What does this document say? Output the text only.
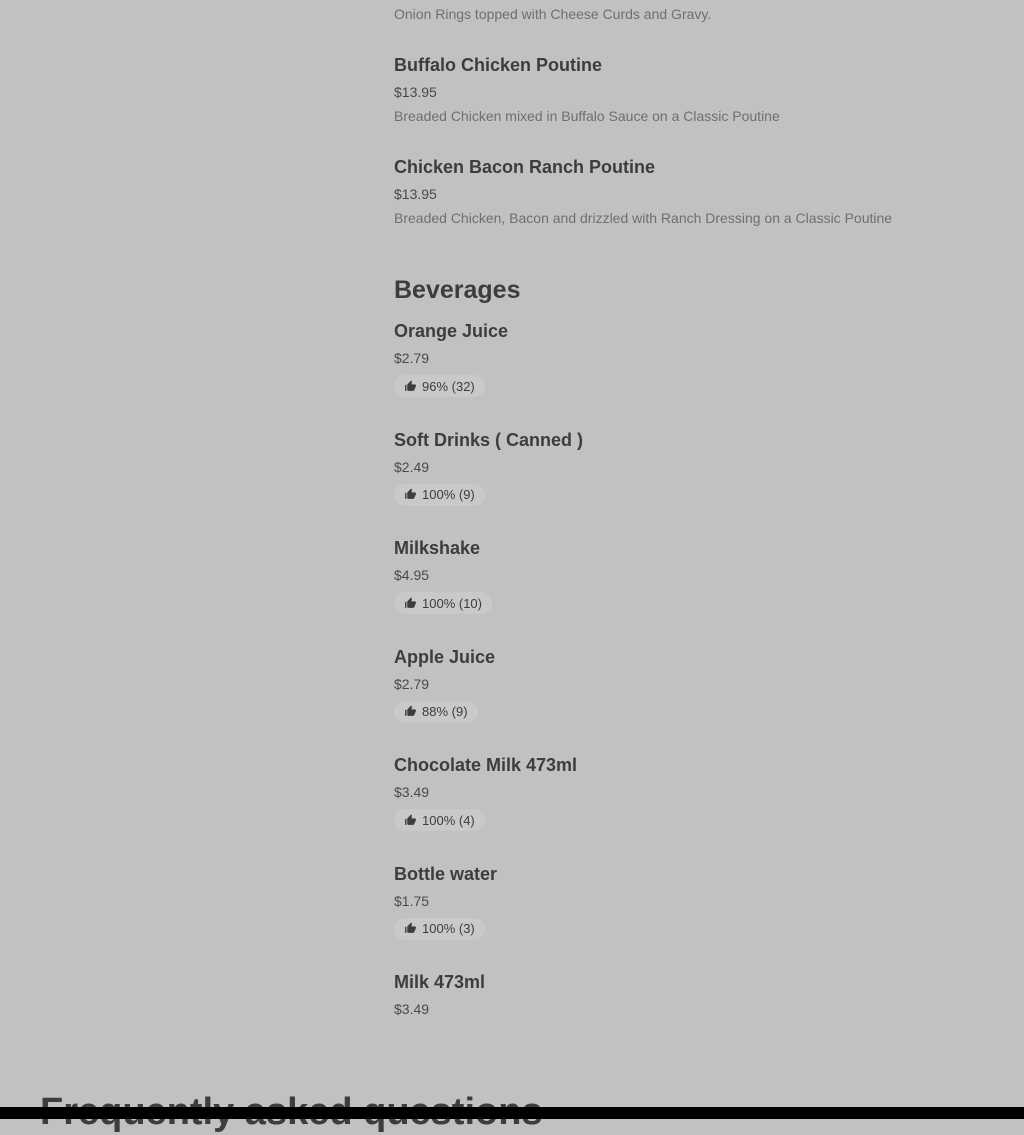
Onion Rings topped with Cheese Curds and Gravy.
Buffalo Chicken Poutine
$13.95
Breaded Chicken mixed in Buffalo Sauce on a Classic Poutine
Chicken Bacon Ranch Poutine
$13.95
Breaded Chicken, Bacon and drizzled with Ranch Dressing on a Classic Poutine
Beverages
Orange Juice
$2.79
96% (32)
Soft Drinks ( Canned )
$2.49
100% (9)
Milkshake
$4.95
100% (10)
Apple Juice
$2.79
88% (9)
Chocolate Milk 473ml
$3.49
100% (4)
Bottle water
$1.75
100% (3)
Milk 473ml
$3.49
